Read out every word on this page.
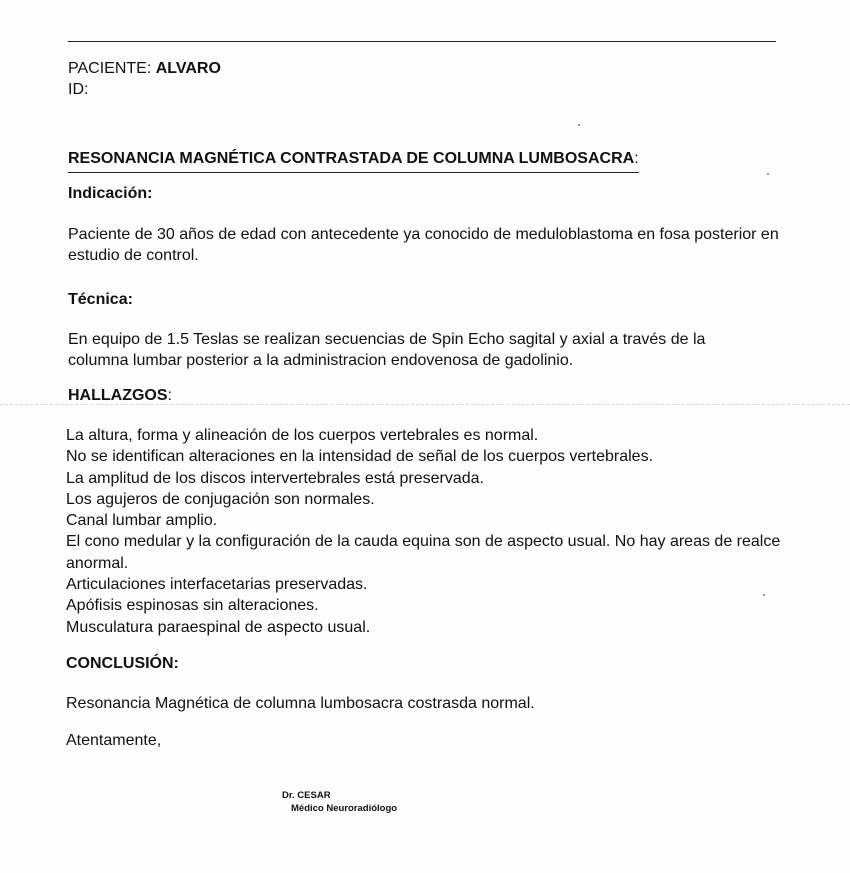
PACIENTE: ALVARO
ID:
RESONANCIA MAGNÉTICA CONTRASTADA DE COLUMNA LUMBOSACRA:
Indicación:
Paciente de 30 años de edad con antecedente ya conocido de meduloblastoma en fosa posterior en estudio de control.
Técnica:
En equipo de 1.5 Teslas se realizan secuencias de Spin Echo sagital y axial a través de la columna lumbar posterior a la administracion endovenosa de gadolinio.
HALLAZGOS:
La altura, forma y alineación de los cuerpos vertebrales es normal.
No se identifican alteraciones en la intensidad de señal de los cuerpos vertebrales.
La amplitud de los discos intervertebrales está preservada.
Los agujeros de conjugación son normales.
Canal lumbar amplio.
El cono medular y la configuración de la cauda equina son de aspecto usual. No hay areas de realce anormal.
Articulaciones interfacetarias preservadas.
Apófisis espinosas sin alteraciones.
Musculatura paraespinal de aspecto usual.
CONCLUSIÓN:
Resonancia Magnética de columna lumbosacra costrasda normal.
Atentamente,
Dr. CESAR
Médico Neuroradiólogo
